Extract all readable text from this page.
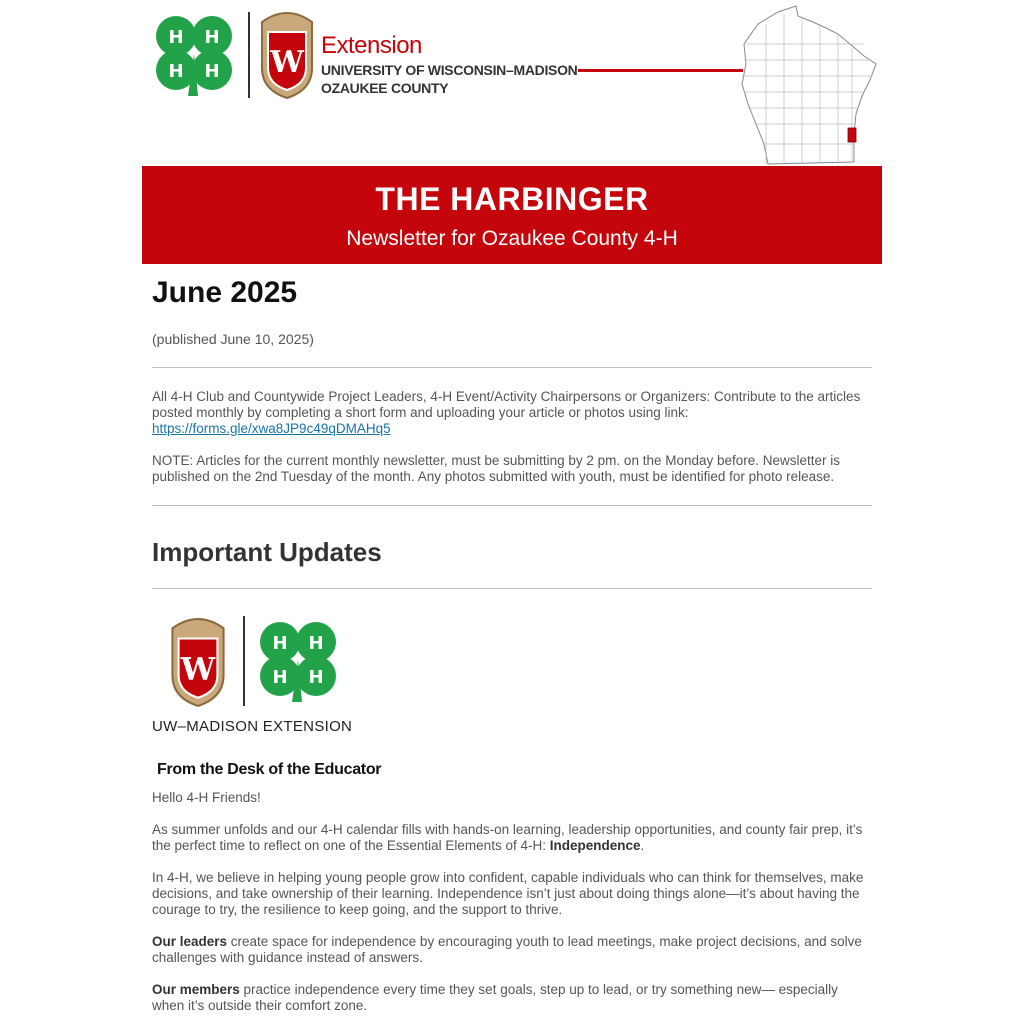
H H
H H W Extension
UNIVERSITY OF WISCONSIN–MADISON
OZAUKEE COUNTY
THE HARBINGER
Newsletter for Ozaukee County 4-H
June 2025
(published June 10, 2025)
All 4-H Club and Countywide Project Leaders, 4-H Event/Activity Chairpersons or Organizers: Contribute to the articles posted monthly by completing a short form and uploading your article or photos using link: https://forms.gle/xwa8JP9c49qDMAHq5
NOTE: Articles for the current monthly newsletter, must be submitting by 2 pm. on the Monday before. Newsletter is published on the 2nd Tuesday of the month. Any photos submitted with youth, must be identified for photo release.
Important Updates
W
H H
H H
UW–MADISON EXTENSION
From the Desk of the Educator
Hello 4-H Friends!
As summer unfolds and our 4-H calendar fills with hands-on learning, leadership opportunities, and county fair prep, it’s the perfect time to reflect on one of the Essential Elements of 4-H: Independence.
In 4-H, we believe in helping young people grow into confident, capable individuals who can think for themselves, make decisions, and take ownership of their learning. Independence isn’t just about doing things alone—it’s about having the courage to try, the resilience to keep going, and the support to thrive.
Our leaders create space for independence by encouraging youth to lead meetings, make project decisions, and solve challenges with guidance instead of answers.
Our members practice independence every time they set goals, step up to lead, or try something new— especially when it’s outside their comfort zone.
